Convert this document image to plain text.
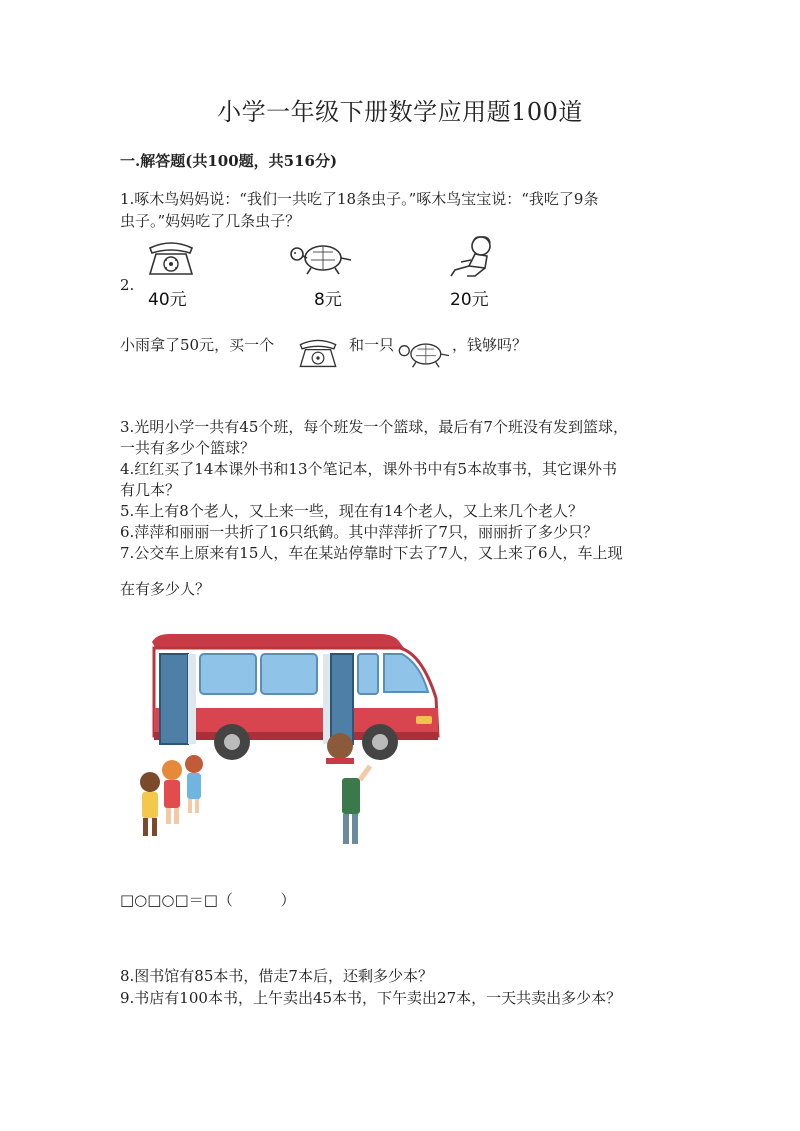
小学一年级下册数学应用题100道
一.解答题(共100题，共516分)
1.啄木鸟妈妈说：“我们一共吃了18条虫子。”啄木鸟宝宝说：“我吃了9条
虫子。”妈妈吃了几条虫子？
2.
40元	8元	20元
小雨拿了50元，买一个	和一只	，钱够吗？
3.光明小学一共有45个班，每个班发一个篮球，最后有7个班没有发到篮球，
一共有多少个篮球？
4.红红买了14本课外书和13个笔记本，课外书中有5本故事书，其它课外书
有几本？
5.车上有8个老人，又上来一些，现在有14个老人，又上来几个老人？
6.萍萍和丽丽一共折了16只纸鹤。其中萍萍折了7只，丽丽折了多少只？
7.公交车上原来有15人，车在某站停靠时下去了7人，又上来了6人，车上现
在有多少人？
□○□○□＝□（          ）
8.图书馆有85本书，借走7本后，还剩多少本？
9.书店有100本书，上午卖出45本书，下午卖出27本，一天共卖出多少本？
